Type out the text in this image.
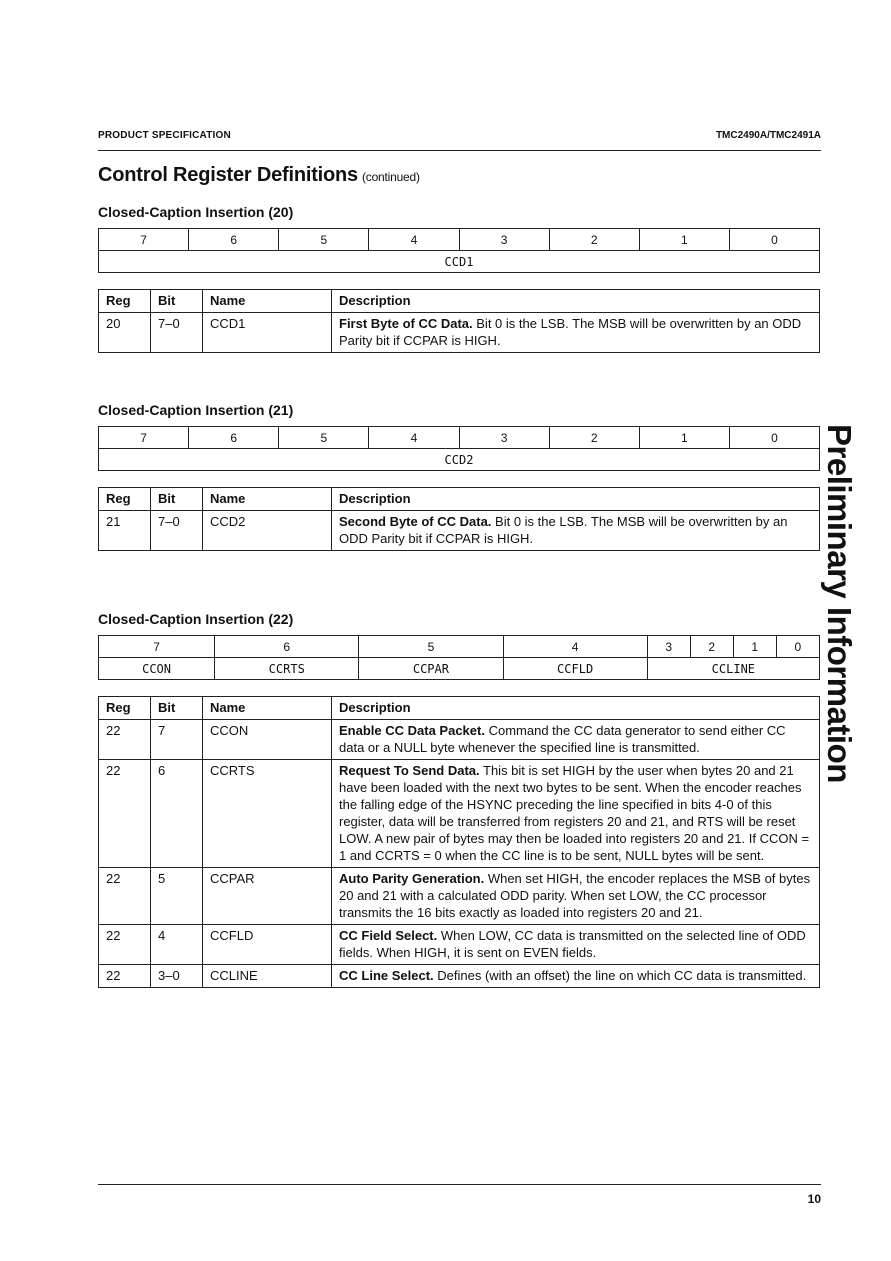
PRODUCT SPECIFICATION	TMC2490A/TMC2491A
Control Register Definitions (continued)
Closed-Caption Insertion (20)
7	6	5	4	3	2	1	0
CCD1
Reg	Bit	Name	Description
20	7–0	CCD1	First Byte of CC Data. Bit 0 is the LSB. The MSB will be overwritten by an ODD Parity bit if CCPAR is HIGH.
Closed-Caption Insertion (21)
7	6	5	4	3	2	1	0
CCD2
Reg	Bit	Name	Description
21	7–0	CCD2	Second Byte of CC Data. Bit 0 is the LSB. The MSB will be overwritten by an ODD Parity bit if CCPAR is HIGH.
Closed-Caption Insertion (22)
7	6	5	4	3	2	1	0
CCON	CCRTS	CCPAR	CCFLD	CCLINE			
Reg	Bit	Name	Description
22	7	CCON	Enable CC Data Packet. Command the CC data generator to send either CC data or a NULL byte whenever the specified line is transmitted.
22	6	CCRTS	Request To Send Data. This bit is set HIGH by the user when bytes 20 and 21 have been loaded with the next two bytes to be sent. When the encoder reaches the falling edge of the HSYNC preceding the line specified in bits 4-0 of this register, data will be transferred from registers 20 and 21, and RTS will be reset LOW. A new pair of bytes may then be loaded into registers 20 and 21. If CCON = 1 and CCRTS = 0 when the CC line is to be sent, NULL bytes will be sent.
22	5	CCPAR	Auto Parity Generation. When set HIGH, the encoder replaces the MSB of bytes 20 and 21 with a calculated ODD parity. When set LOW, the CC processor transmits the 16 bits exactly as loaded into registers 20 and 21.
22	4	CCFLD	CC Field Select. When LOW, CC data is transmitted on the selected line of ODD fields. When HIGH, it is sent on EVEN fields.
22	3–0	CCLINE	CC Line Select. Defines (with an offset) the line on which CC data is transmitted.
Preliminary Information
10
